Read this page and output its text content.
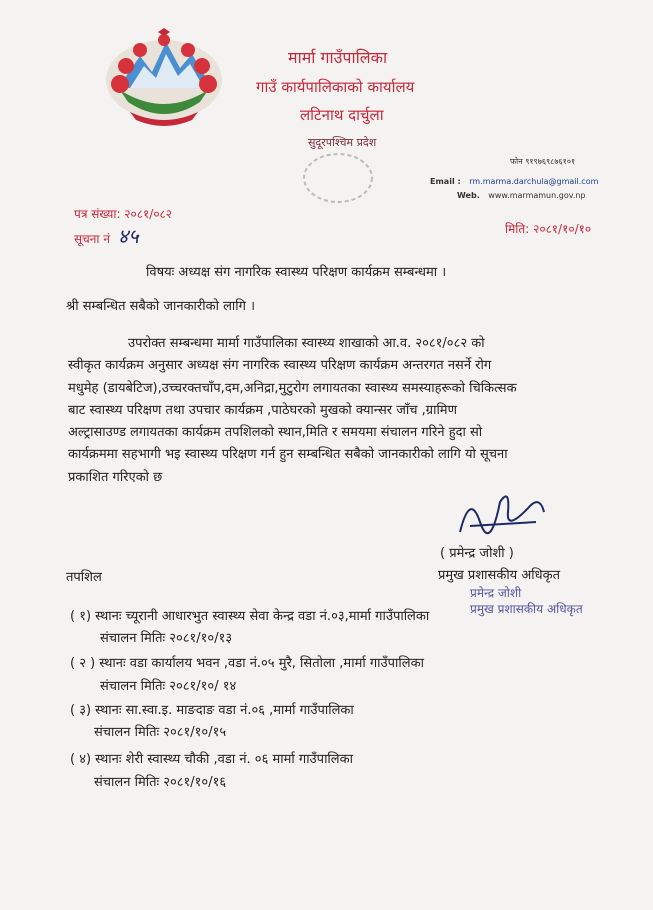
मार्मा गाउँपालिका
गाउँ कार्यपालिकाको कार्यालय
लटिनाथ दार्चुला
सुदूरपश्चिम प्रदेश
फोन ९१९७६९८७६१०१
Email : rm.marma.darchula@gmail.com
Web. www.marmamun.gov.np
पत्र संख्या: २०८१/०८२
सूचना नं ४५	मिति: २०८१/१०/१०
विषयः अध्यक्ष संग नागरिक स्वास्थ्य परिक्षण कार्यक्रम सम्बन्धमा ।
श्री सम्बन्धित सबैको जानकारीको लागि ।
उपरोक्त सम्बन्धमा मार्मा गाउँपालिका स्वास्थ्य शाखाको आ.व. २०८१/०८२ को
स्वीकृत कार्यक्रम अनुसार अध्यक्ष संग नागरिक स्वास्थ्य परिक्षण कार्यक्रम अन्तरगत नसर्ने रोग
मधुमेह (डायबेटिज),उच्चरक्तचाँप,दम,अनिद्रा,मुटुरोग लगायतका स्वास्थ्य समस्याहरूको चिकित्सक
बाट स्वास्थ्य परिक्षण तथा उपचार कार्यक्रम ,पाठेघरको मुखको क्यान्सर जाँच ,ग्रामिण
अल्ट्रासाउण्ड लगायतका कार्यक्रम तपशिलको स्थान,मिति र समयमा संचालन गरिने हुदा सो
कार्यक्रममा सहभागी भइ स्वास्थ्य परिक्षण गर्न हुन सम्बन्धित सबैको जानकारीको लागि यो सूचना
प्रकाशित गरिएको छ
( प्रमेन्द्र जोशी )
प्रमुख प्रशासकीय अधिकृत
प्रमेन्द्र जोशी
प्रमुख प्रशासकीय अधिकृत
तपशिल
( १) स्थानः च्यूरानी आधारभुत स्वास्थ्य सेवा केन्द्र वडा नं.०३,मार्मा गाउँपालिका
संचालन मितिः २०८१/१०/१३
( २ ) स्थानः वडा कार्यालय भवन ,वडा नं.०५ मुरै, सितोला ,मार्मा गाउँपालिका
संचालन मितिः २०८१/१०/ १४
( ३) स्थानः सा.स्वा.इ. माङदाङ वडा नं.०६ ,मार्मा गाउँपालिका
संचालन मितिः २०८१/१०/१५
( ४) स्थानः शेरी स्वास्थ्य चौकी ,वडा नं. ०६ मार्मा गाउँपालिका
संचालन मितिः २०८१/१०/१६
